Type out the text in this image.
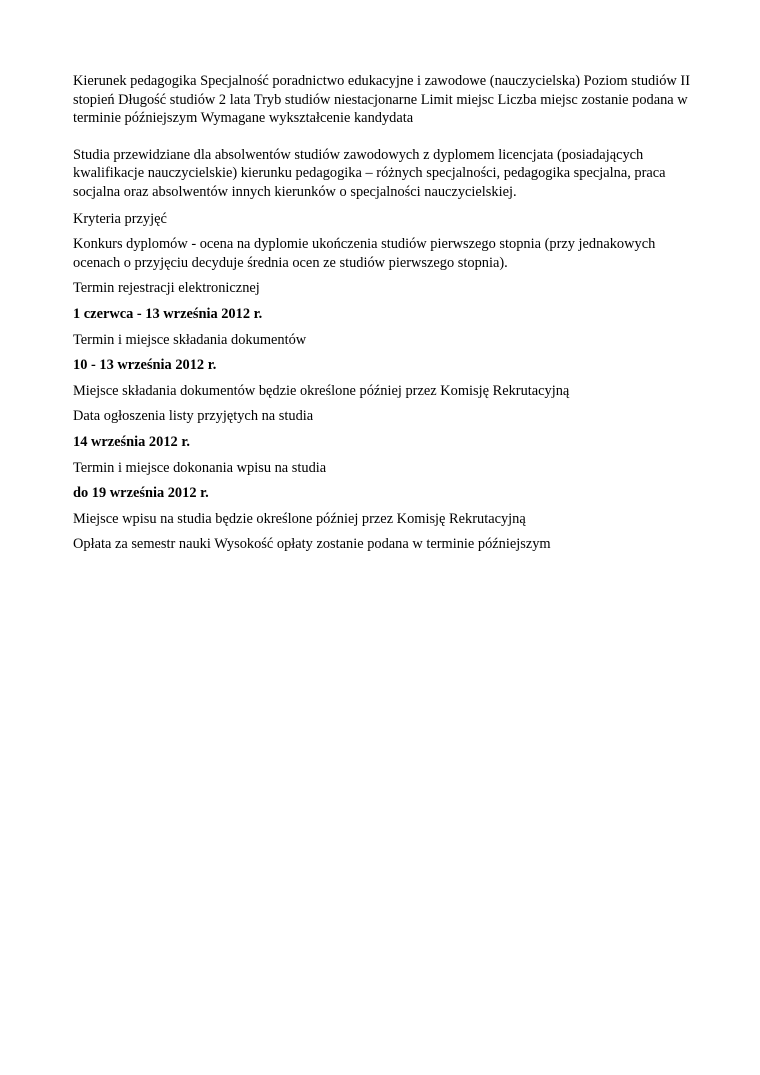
Kierunek pedagogika Specjalność poradnictwo edukacyjne i zawodowe (nauczycielska) Poziom studiów II stopień Długość studiów 2 lata Tryb studiów niestacjonarne Limit miejsc Liczba miejsc zostanie podana w terminie późniejszym Wymagane wykształcenie kandydata

Studia przewidziane dla absolwentów studiów zawodowych z dyplomem licencjata (posiadających kwalifikacje nauczycielskie) kierunku pedagogika – różnych specjalności, pedagogika specjalna, praca socjalna oraz absolwentów innych kierunków o specjalności nauczycielskiej.

Kryteria przyjęć

Konkurs dyplomów - ocena na dyplomie ukończenia studiów pierwszego stopnia (przy jednakowych ocenach o przyjęciu decyduje średnia ocen ze studiów pierwszego stopnia).

Termin rejestracji elektronicznej

1 czerwca - 13 września 2012 r.

Termin i miejsce składania dokumentów

10 - 13 września 2012 r.

Miejsce składania dokumentów będzie określone później przez Komisję Rekrutacyjną

Data ogłoszenia listy przyjętych na studia

14 września 2012 r.

Termin i miejsce dokonania wpisu na studia

do 19 września 2012 r.

Miejsce wpisu na studia będzie określone później przez Komisję Rekrutacyjną

Opłata za semestr nauki Wysokość opłaty zostanie podana w terminie późniejszym
